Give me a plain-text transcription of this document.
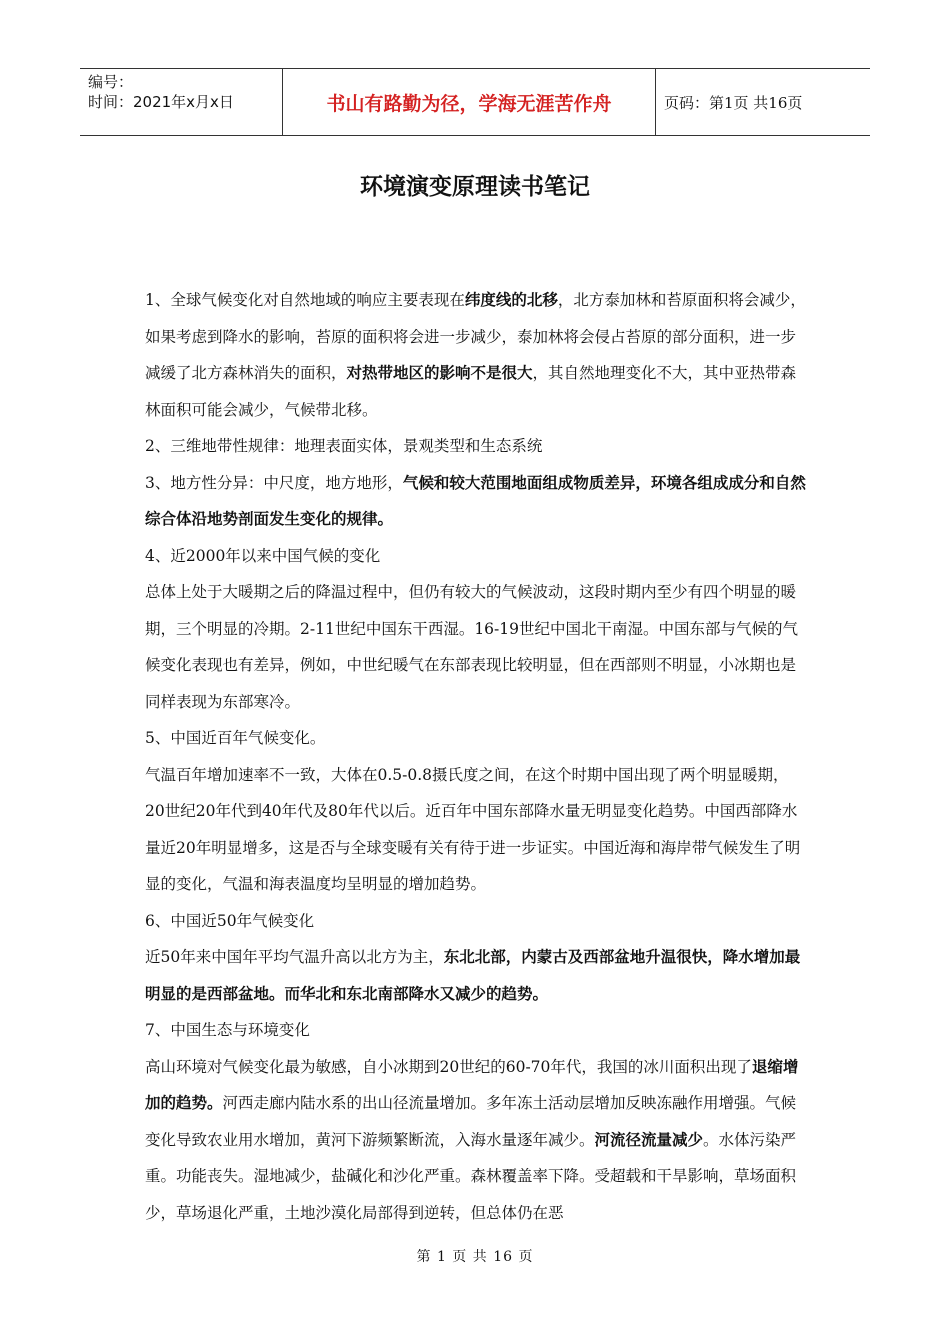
编号：
时间：2021年x月x日	书山有路勤为径，学海无涯苦作舟	页码：第1页 共16页
环境演变原理读书笔记

1、全球气候变化对自然地域的响应主要表现在纬度线的北移，北方泰加林和苔原面积将会减少，如果考虑到降水的影响，苔原的面积将会进一步减少，泰加林将会侵占苔原的部分面积，进一步减缓了北方森林消失的面积，对热带地区的影响不是很大，其自然地理变化不大，其中亚热带森林面积可能会减少，气候带北移。

2、三维地带性规律：地理表面实体，景观类型和生态系统

3、地方性分异：中尺度，地方地形，气候和较大范围地面组成物质差异，环境各组成成分和自然综合体沿地势剖面发生变化的规律。

4、近2000年以来中国气候的变化

总体上处于大暖期之后的降温过程中，但仍有较大的气候波动，这段时期内至少有四个明显的暖期，三个明显的冷期。2-11世纪中国东干西湿。16-19世纪中国北干南湿。中国东部与气候的气候变化表现也有差异，例如，中世纪暖气在东部表现比较明显，但在西部则不明显，小冰期也是同样表现为东部寒冷。

5、中国近百年气候变化。

气温百年增加速率不一致，大体在0.5-0.8摄氏度之间，在这个时期中国出现了两个明显暖期，20世纪20年代到40年代及80年代以后。近百年中国东部降水量无明显变化趋势。中国西部降水量近20年明显增多，这是否与全球变暖有关有待于进一步证实。中国近海和海岸带气候发生了明显的变化，气温和海表温度均呈明显的增加趋势。

6、中国近50年气候变化

近50年来中国年平均气温升高以北方为主，东北北部，内蒙古及西部盆地升温很快，降水增加最明显的是西部盆地。而华北和东北南部降水又减少的趋势。

7、中国生态与环境变化

高山环境对气候变化最为敏感，自小冰期到20世纪的60-70年代，我国的冰川面积出现了退缩增加的趋势。河西走廊内陆水系的出山径流量增加。多年冻土活动层增加反映冻融作用增强。气候变化导致农业用水增加，黄河下游频繁断流，入海水量逐年减少。河流径流量减少。水体污染严重。功能丧失。湿地减少，盐碱化和沙化严重。森林覆盖率下降。受超载和干旱影响，草场面积少，草场退化严重，土地沙漠化局部得到逆转，但总体仍在恶

第 1 页 共 16 页
